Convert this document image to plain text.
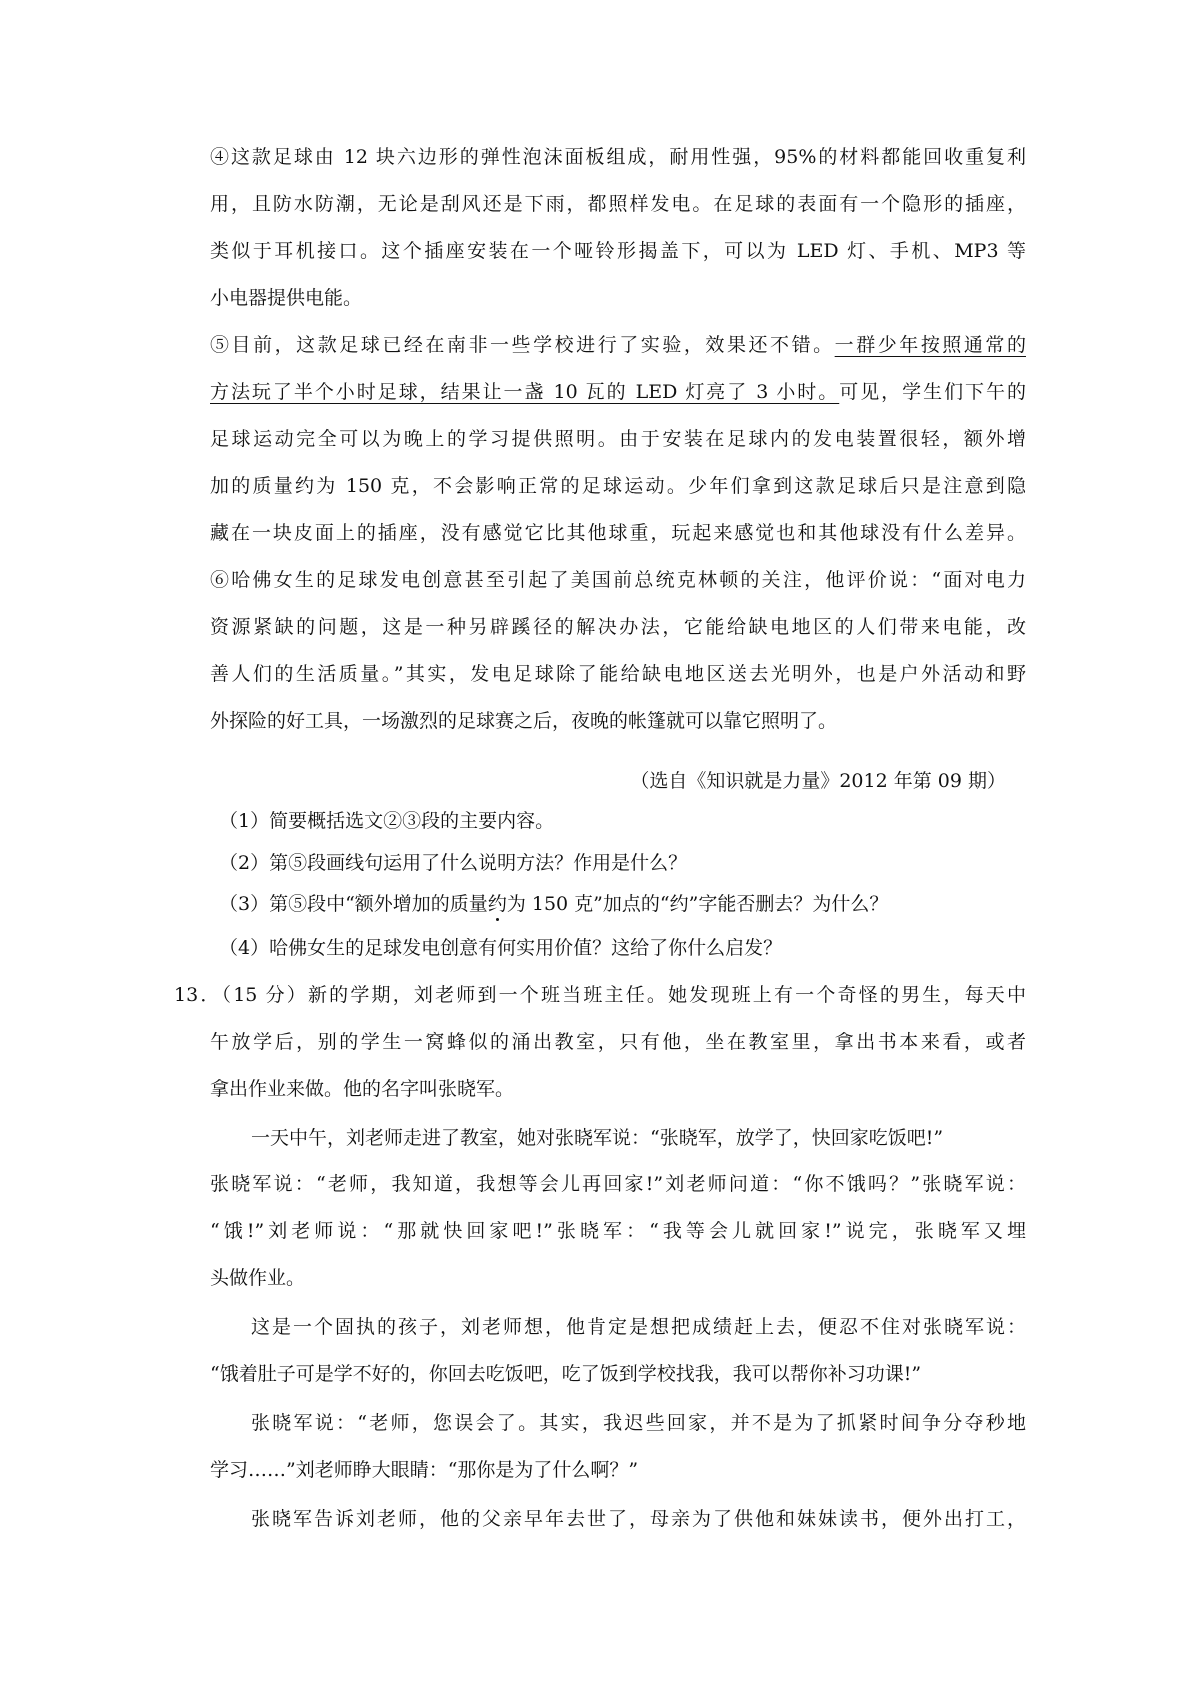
④这款足球由 12 块六边形的弹性泡沫面板组成，耐用性强，95%的材料都能回收重复利
用，且防水防潮，无论是刮风还是下雨，都照样发电。在足球的表面有一个隐形的插座，
类似于耳机接口。这个插座安装在一个哑铃形揭盖下，可以为 LED 灯、手机、MP3 等
小电器提供电能。
⑤目前，这款足球已经在南非一些学校进行了实验，效果还不错。一群少年按照通常的
方法玩了半个小时足球，结果让一盏 10 瓦的 LED 灯亮了 3 小时。可见，学生们下午的
足球运动完全可以为晚上的学习提供照明。由于安装在足球内的发电装置很轻，额外增
加的质量约为 150 克，不会影响正常的足球运动。少年们拿到这款足球后只是注意到隐
藏在一块皮面上的插座，没有感觉它比其他球重，玩起来感觉也和其他球没有什么差异。
⑥哈佛女生的足球发电创意甚至引起了美国前总统克林顿的关注，他评价说：“面对电力
资源紧缺的问题，这是一种另辟蹊径的解决办法，它能给缺电地区的人们带来电能，改
善人们的生活质量。”其实，发电足球除了能给缺电地区送去光明外，也是户外活动和野
外探险的好工具，一场激烈的足球赛之后，夜晚的帐篷就可以靠它照明了。
（选自《知识就是力量》2012 年第 09 期）
（1）简要概括选文②③段的主要内容。
（2）第⑤段画线句运用了什么说明方法？作用是什么？
（3）第⑤段中“额外增加的质量约为 150 克”加点的“约”字能否删去？为什么？
（4）哈佛女生的足球发电创意有何实用价值？这给了你什么启发？
13．（15 分）新的学期，刘老师到一个班当班主任。她发现班上有一个奇怪的男生，每天中
午放学后，别的学生一窝蜂似的涌出教室，只有他，坐在教室里，拿出书本来看，或者
拿出作业来做。他的名字叫张晓军。
一天中午，刘老师走进了教室，她对张晓军说：“张晓军，放学了，快回家吃饭吧!”
张晓军说：“老师，我知道，我想等会儿再回家!”刘老师问道：“你不饿吗？”张晓军说：
“饿!”刘老师说：“那就快回家吧!”张晓军：“我等会儿就回家!”说完，张晓军又埋
头做作业。
这是一个固执的孩子，刘老师想，他肯定是想把成绩赶上去，便忍不住对张晓军说：
“饿着肚子可是学不好的，你回去吃饭吧，吃了饭到学校找我，我可以帮你补习功课!”
张晓军说：“老师，您误会了。其实，我迟些回家，并不是为了抓紧时间争分夺秒地
学习……”刘老师睁大眼睛：“那你是为了什么啊？”
张晓军告诉刘老师，他的父亲早年去世了，母亲为了供他和妹妹读书，便外出打工，
